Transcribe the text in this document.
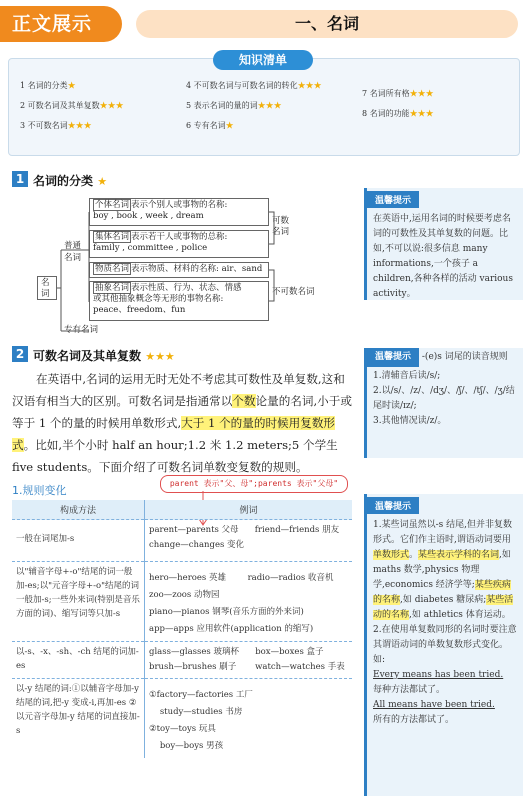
正文展示	一、名词
知识清单
1 名词的分类★
2 可数名词及其单复数★★★
3 不可数名词★★★
4 不可数名词与可数名词的转化★★★
5 表示名词的量的词★★★
6 专有名词★
7 名词所有格★★★
8 名词的功能★★★
1 名词的分类 ★
名词
普通名词
专有名词
个体名词 表示个别人或事物的名称:
boy , book , week , dream
集体名词 表示若干人或事物的总称:
family , committee , police
物质名词 表示物质、材料的名称: air、sand
抽象名词 表示性质、行为、状态、情感
或其他抽象概念等无形的事物名称:
peace、freedom、fun
可数名词
不可数名词
2 可数名词及其单复数 ★★★
在英语中,名词的运用无时无处不考虑其可数性及单复数,这和汉语有相当大的区别。可数名词是指通常以个数论量的名词,小于或等于 1 个的量的时候用单数形式,大于 1 个的量的时候用复数形式。比如,半个小时 half an hour;1.2 米 1.2 meters;5 个学生 five students。下面介绍了可数名词单数变复数的规则。
1.规则变化
parent 表示"父、母";parents 表示"父母"
构成方法	例词
一般在词尾加-s	parent—parents 父母 friend—friends 朋友
change—changes 变化
以"辅音字母+-o"结尾的词一般加-es;以"元音字母+-o"结尾的词一般加-s;一些外来词(特别是音乐方面的词)、缩写词等只加-s	hero—heroes 英雄 radio—radios 收音机
zoo—zoos 动物园
piano—pianos 钢琴(音乐方面的外来词)
app—apps 应用软件(application 的缩写)
以-s、-x、-sh、-ch 结尾的词加-es	glass—glasses 玻璃杯 box—boxes 盒子
brush—brushes 刷子 watch—watches 手表
以-y 结尾的词:①以辅音字母加-y 结尾的词,把-y 变成-i,再加-es ②以元音字母加-y 结尾的词直接加-s	①factory—factories 工厂
study—studies 书房
②toy—toys 玩具
boy—boys 男孩
温馨提示
在英语中,运用名词的时候要考虑名词的可数性及其单复数的问题。比如,不可以说:很多信息 many informations,一个孩子 a children,各种各样的活动 various activity。
温馨提示 -(e)s 词尾的读音规则
1.清辅音后读/s/;
2.以/s/、/z/、/dʒ/、/ʃ/、/tʃ/、/ʒ/结尾时读/ɪz/;
3.其他情况读/z/。
温馨提示
1.某些词虽然以-s 结尾,但并非复数形式。它们作主语时,谓语动词要用单数形式。某些表示学科的名词,如 maths 数学,physics 物理学,economics 经济学等;某些疾病的名称,如 diabetes 糖尿病;某些活动的名称,如 athletics 体育运动。
2.在使用单复数同形的名词时要注意其谓语动词的单数复数形式变化。如:
Every means has been tried.
每种方法都试了。
All means have been tried.
所有的方法都试了。
